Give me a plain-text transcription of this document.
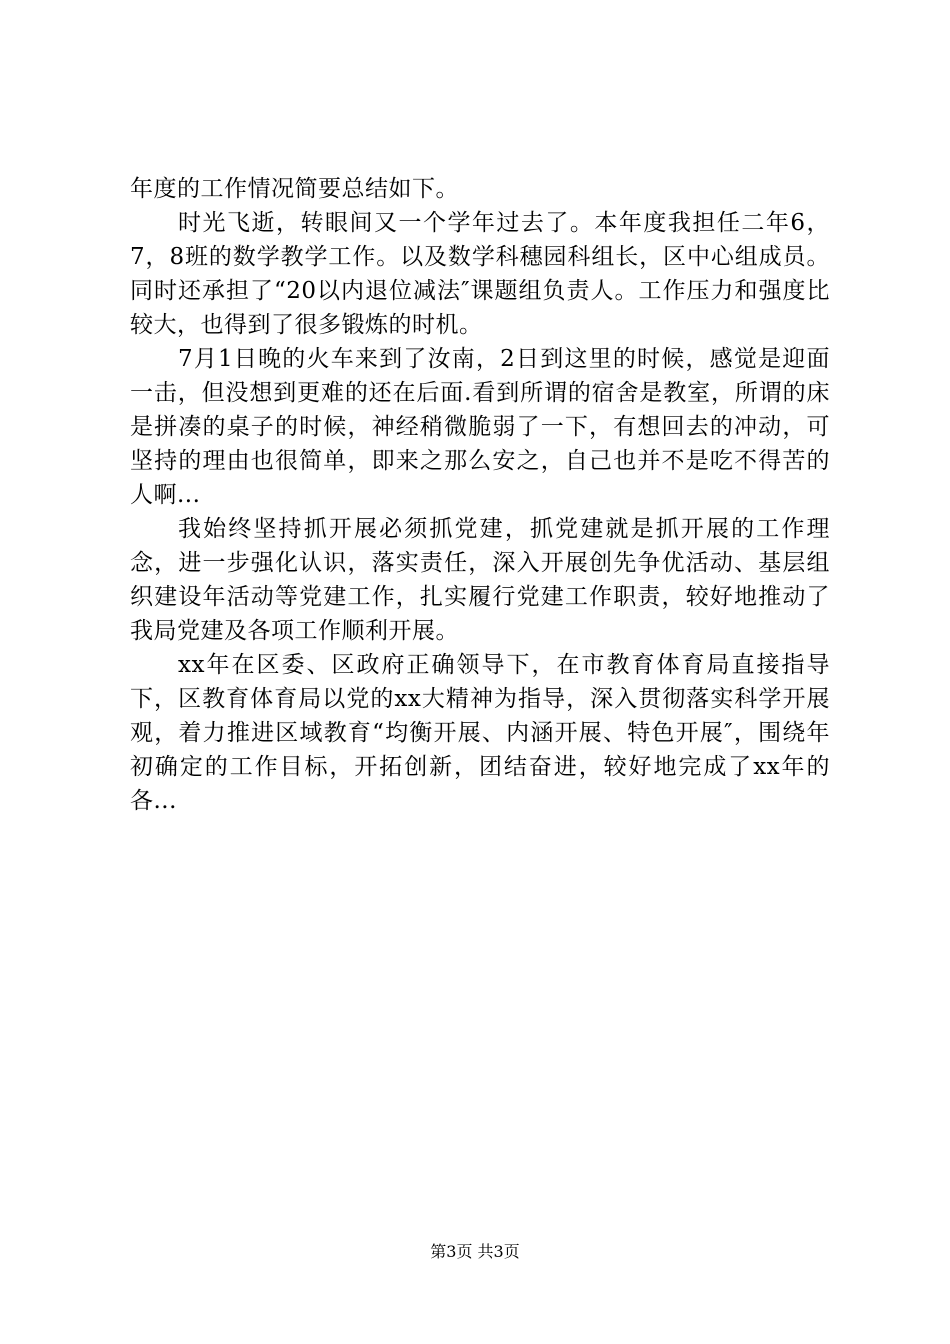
年度的工作情况简要总结如下。

时光飞逝，转眼间又一个学年过去了。本年度我担任二年6，7，8班的数学教学工作。以及数学科穗园科组长，区中心组成员。同时还承担了“20以内退位减法″课题组负责人。工作压力和强度比较大，也得到了很多锻炼的时机。

7月1日晚的火车来到了汝南，2日到这里的时候，感觉是迎面一击，但没想到更难的还在后面.看到所谓的宿舍是教室，所谓的床是拼凑的桌子的时候，神经稍微脆弱了一下，有想回去的冲动，可坚持的理由也很简单，即来之那么安之，自己也并不是吃不得苦的人啊...

我始终坚持抓开展必须抓党建，抓党建就是抓开展的工作理念，进一步强化认识，落实责任，深入开展创先争优活动、基层组织建设年活动等党建工作，扎实履行党建工作职责，较好地推动了我局党建及各项工作顺利开展。

xx年在区委、区政府正确领导下，在市教育体育局直接指导下，区教育体育局以党的xx大精神为指导，深入贯彻落实科学开展观，着力推进区域教育“均衡开展、内涵开展、特色开展″，围绕年初确定的工作目标，开拓创新，团结奋进，较好地完成了xx年的各...

第3页 共3页
